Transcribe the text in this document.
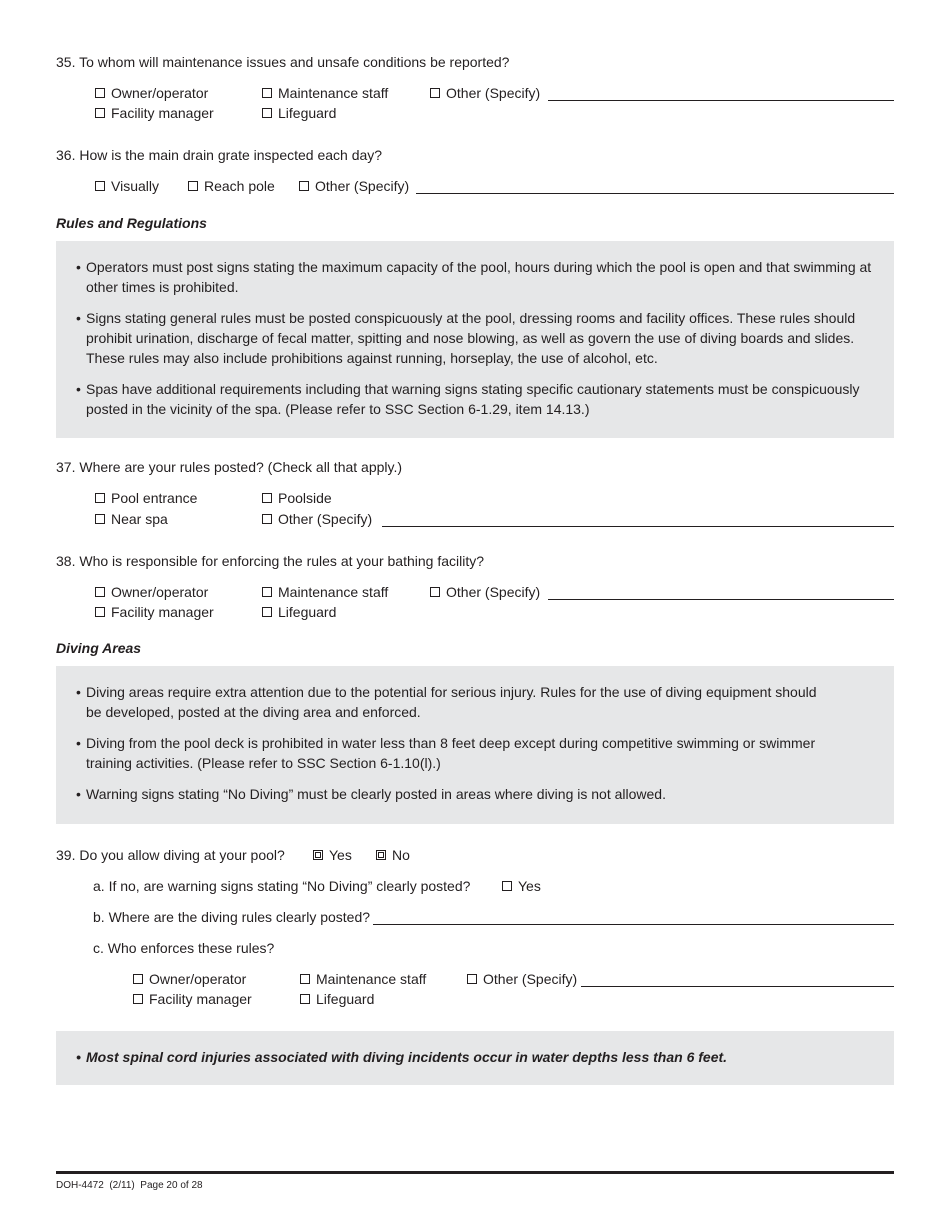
35. To whom will maintenance issues and unsafe conditions be reported?
Owner/operator
Facility manager
Maintenance staff
Lifeguard
Other (Specify)
36. How is the main drain grate inspected each day?
Visually	Reach pole	Other (Specify)
Rules and Regulations
• Operators must post signs stating the maximum capacity of the pool, hours during which the pool is open and that swimming at other times is prohibited.
• Signs stating general rules must be posted conspicuously at the pool, dressing rooms and facility offices. These rules should prohibit urination, discharge of fecal matter, spitting and nose blowing, as well as govern the use of diving boards and slides. These rules may also include prohibitions against running, horseplay, the use of alcohol, etc.
• Spas have additional requirements including that warning signs stating specific cautionary statements must be conspicuously posted in the vicinity of the spa. (Please refer to SSC Section 6-1.29, item 14.13.)
37. Where are your rules posted? (Check all that apply.)
Pool entrance
Near spa
Poolside
Other (Specify)
38. Who is responsible for enforcing the rules at your bathing facility?
Owner/operator
Facility manager
Maintenance staff
Lifeguard
Other (Specify)
Diving Areas
• Diving areas require extra attention due to the potential for serious injury. Rules for the use of diving equipment should be developed, posted at the diving area and enforced.
• Diving from the pool deck is prohibited in water less than 8 feet deep except during competitive swimming or swimmer training activities. (Please refer to SSC Section 6-1.10(l).)
• Warning signs stating “No Diving” must be clearly posted in areas where diving is not allowed.
39. Do you allow diving at your pool?	Yes	No
a. If no, are warning signs stating “No Diving” clearly posted?	Yes
b. Where are the diving rules clearly posted?
c. Who enforces these rules?
Owner/operator
Facility manager
Maintenance staff
Lifeguard
Other (Specify)
• Most spinal cord injuries associated with diving incidents occur in water depths less than 6 feet.
DOH-4472  (2/11)  Page 20 of 28
